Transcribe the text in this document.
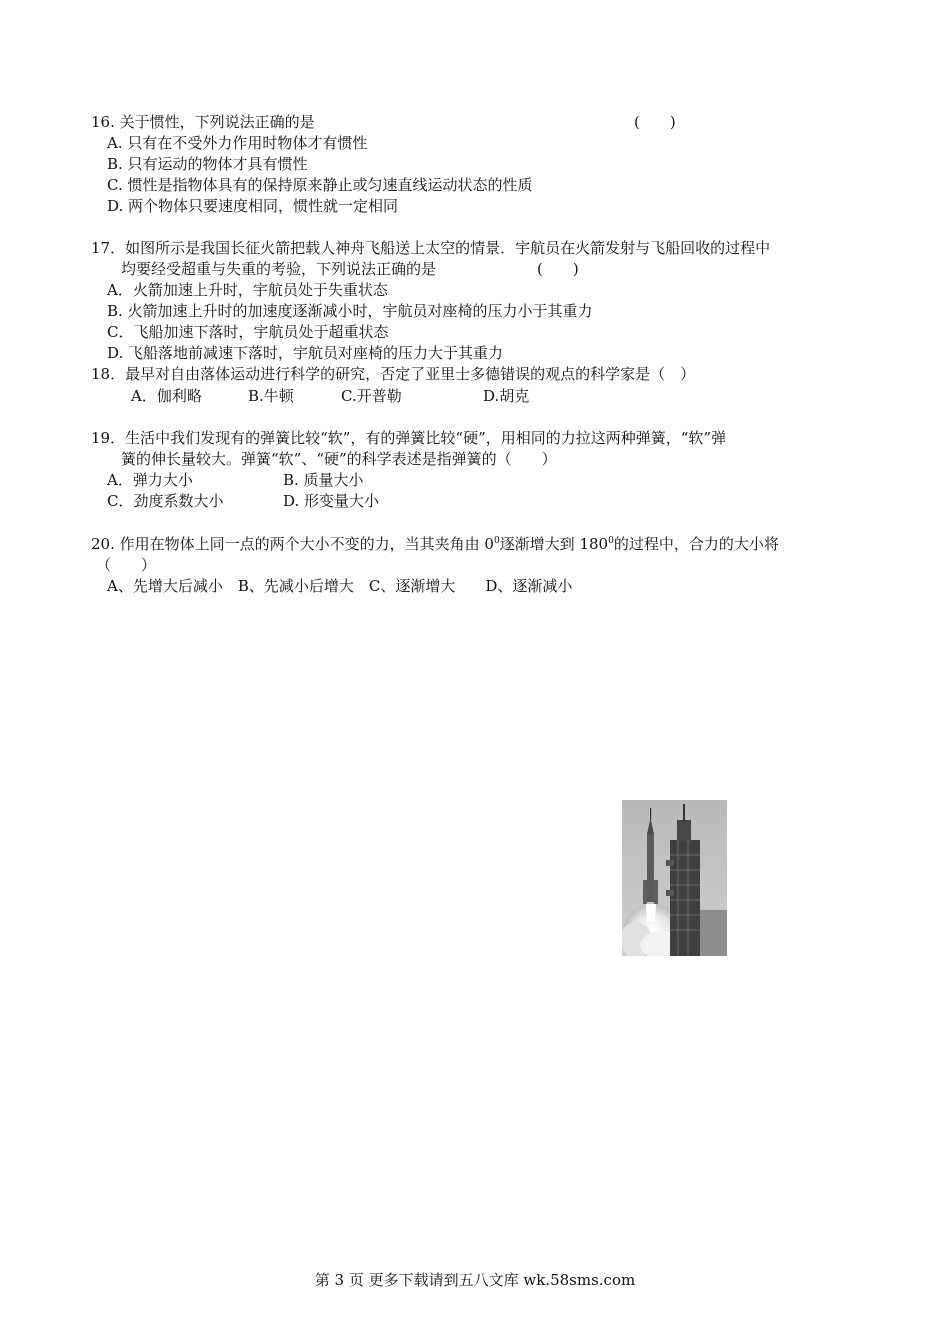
16. 关于惯性，下列说法正确的是	(　　)
A. 只有在不受外力作用时物体才有惯性
B. 只有运动的物体才具有惯性
C. 惯性是指物体具有的保持原来静止或匀速直线运动状态的性质
D. 两个物体只要速度相同，惯性就一定相同
17．如图所示是我国长征火箭把载人神舟飞船送上太空的情景．宇航员在火箭发射与飞船回收的过程中
均要经受超重与失重的考验，下列说法正确的是	(　　)
A．火箭加速上升时，宇航员处于失重状态
B. 火箭加速上升时的加速度逐渐减小时，宇航员对座椅的压力小于其重力
C．飞船加速下落时，宇航员处于超重状态
D. 飞船落地前减速下落时，宇航员对座椅的压力大于其重力
18．最早对自由落体运动进行科学的研究，否定了亚里士多德错误的观点的科学家是（　）
A．伽利略	B.牛顿	C.开普勒	D.胡克
19．生活中我们发现有的弹簧比较“软”，有的弹簧比较“硬”，用相同的力拉这两种弹簧，“软”弹
簧的伸长量较大。弹簧“软”、“硬”的科学表述是指弹簧的（　　）
A．弹力大小	B. 质量大小
C．劲度系数大小	D. 形变量大小
20. 作用在物体上同一点的两个大小不变的力，当其夹角由 $0^0$逐渐增大到 $180^0$的过程中，合力的大小将
（　　）
A、先增大后减小　B、先减小后增大　C、逐渐增大　　D、逐渐减小
第 3 页 更多下载请到五八文库 wk.58sms.com
